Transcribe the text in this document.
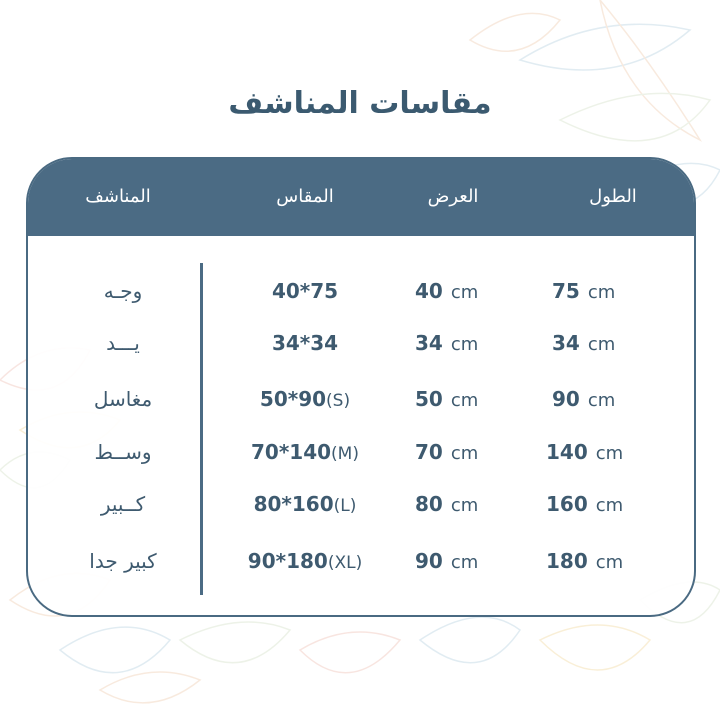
مقاسات المناشف
الطول
العرض
المقاس
المناشف
75 cm
40 cm
40*75
وجـه
34 cm
34 cm
34*34
يـــد
90 cm
50 cm
50*90(S)
مغاسل
140 cm
70 cm
70*140(M)
وســط
160 cm
80 cm
80*160(L)
كــبير
180 cm
90 cm
90*180(XL)
كبير جدا
